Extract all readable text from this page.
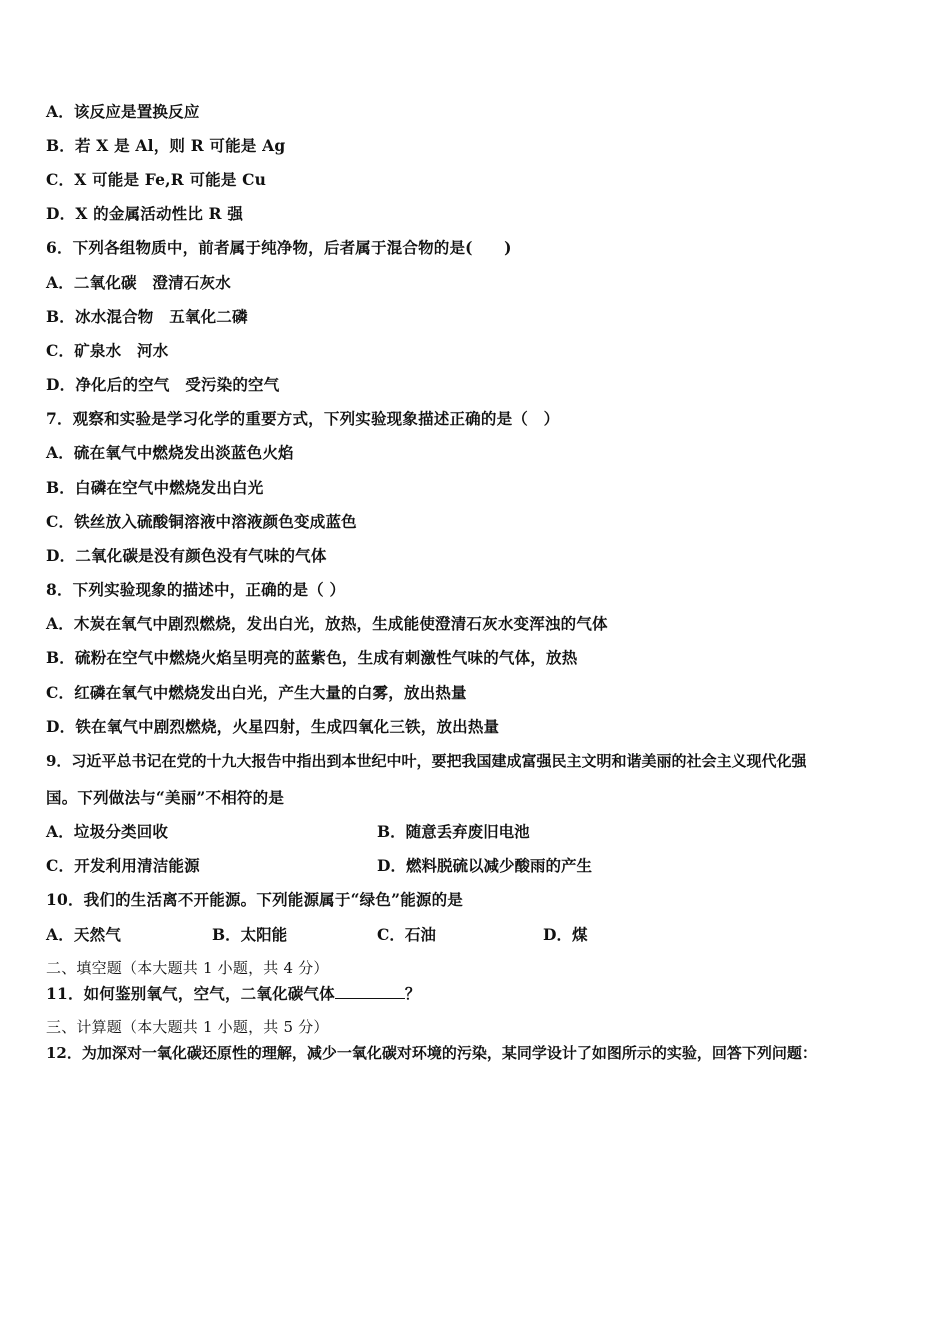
A．该反应是置换反应
B．若 X 是 Al，则 R 可能是 Ag
C．X 可能是 Fe,R 可能是 Cu
D．X 的金属活动性比 R 强
6．下列各组物质中，前者属于纯净物，后者属于混合物的是(　　)
A．二氧化碳　澄清石灰水
B．冰水混合物　五氧化二磷
C．矿泉水　河水
D．净化后的空气　受污染的空气
7．观察和实验是学习化学的重要方式，下列实验现象描述正确的是（　）
A．硫在氧气中燃烧发出淡蓝色火焰
B．白磷在空气中燃烧发出白光
C．铁丝放入硫酸铜溶液中溶液颜色变成蓝色
D．二氧化碳是没有颜色没有气味的气体
8．下列实验现象的描述中，正确的是（ ）
A．木炭在氧气中剧烈燃烧，发出白光，放热，生成能使澄清石灰水变浑浊的气体
B．硫粉在空气中燃烧火焰呈明亮的蓝紫色，生成有刺激性气味的气体，放热
C．红磷在氧气中燃烧发出白光，产生大量的白雾，放出热量
D．铁在氧气中剧烈燃烧，火星四射，生成四氧化三铁，放出热量
9．习近平总书记在党的十九大报告中指出到本世纪中叶，要把我国建成富强民主文明和谐美丽的社会主义现代化强
国。下列做法与“美丽”不相符的是
A．垃圾分类回收	B．随意丢弃废旧电池
C．开发利用清洁能源	D．燃料脱硫以减少酸雨的产生
10．我们的生活离不开能源。下列能源属于“绿色”能源的是
A．天然气	B．太阳能	C．石油	D．煤
二、填空题（本大题共 1 小题，共 4 分）
11．如何鉴别氧气，空气，二氧化碳气体	？
三、计算题（本大题共 1 小题，共 5 分）
12．为加深对一氧化碳还原性的理解，减少一氧化碳对环境的污染，某同学设计了如图所示的实验，回答下列问题：
